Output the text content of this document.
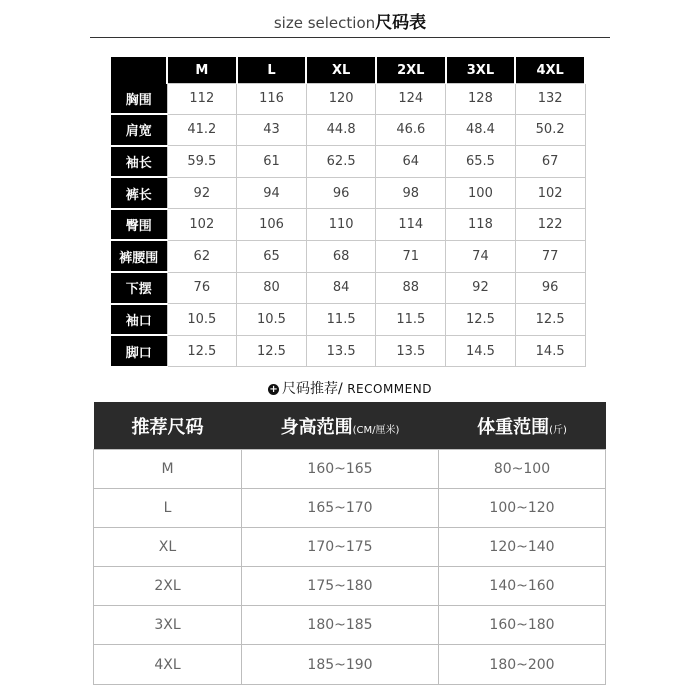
size selection尺码表
	M	L	XL	2XL	3XL	4XL
胸围	112	116	120	124	128	132
肩宽	41.2	43	44.8	46.6	48.4	50.2
袖长	59.5	61	62.5	64	65.5	67
裤长	92	94	96	98	100	102
臀围	102	106	110	114	118	122
裤腰围	62	65	68	71	74	77
下摆	76	80	84	88	92	96
袖口	10.5	10.5	11.5	11.5	12.5	12.5
脚口	12.5	12.5	13.5	13.5	14.5	14.5
+ 尺码推荐/ RECOMMEND
推荐尺码	身高范围(CM/厘米)	体重范围(斤)
M	160~165	80~100
L	165~170	100~120
XL	170~175	120~140
2XL	175~180	140~160
3XL	180~185	160~180
4XL	185~190	180~200
